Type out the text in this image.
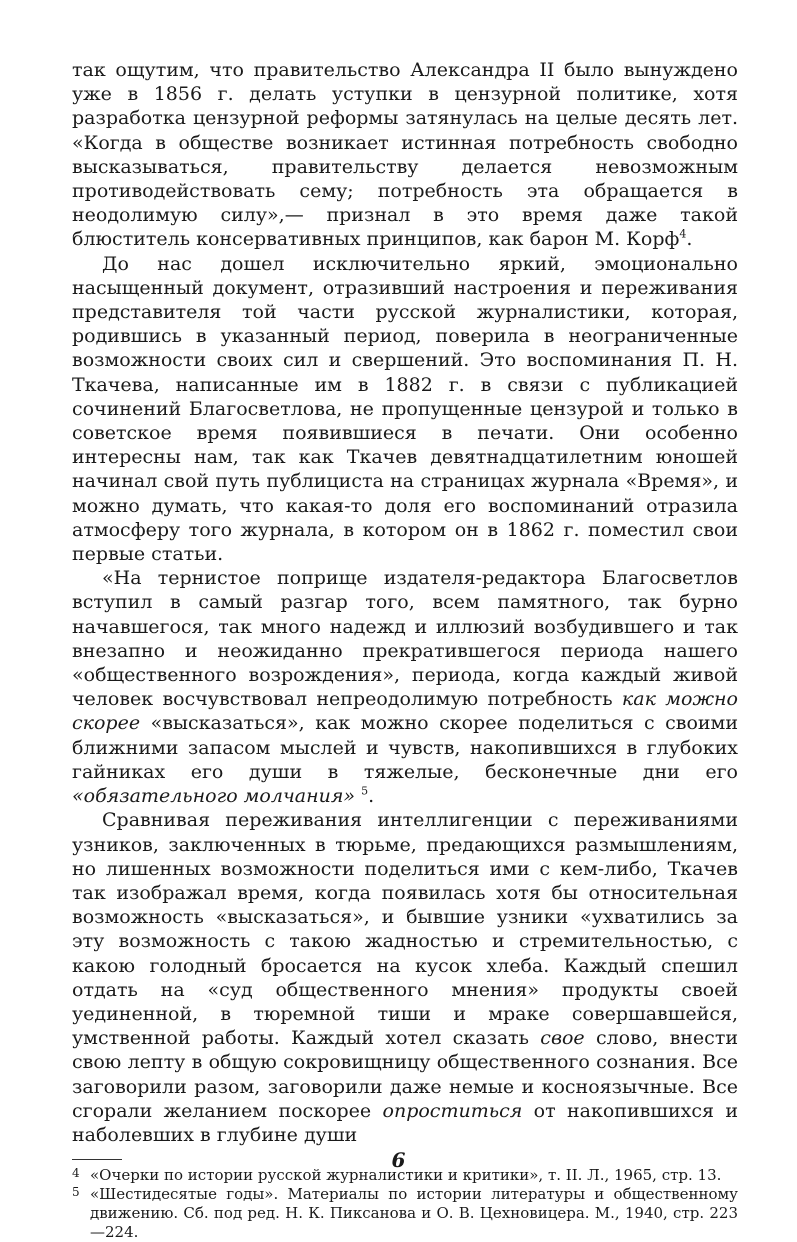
так ощутим, что правительство Александра II было вынуждено уже в 1856 г. делать уступки в цензурной политике, хотя разработка цензурной реформы затянулась на целые десять лет. «Когда в обществе возникает истинная потребность свободно высказываться, правительству делается невозможным противодействовать сему; потребность эта обращается в неодолимую силу»,— признал в это время даже такой блюститель консервативных принципов, как барон М. Корф$^4$.

До нас дошел исключительно яркий, эмоционально насыщенный документ, отразивший настроения и переживания представителя той части русской журналистики, которая, родившись в указанный период, поверила в неограниченные возможности своих сил и свершений. Это воспоминания П. Н. Ткачева, написанные им в 1882 г. в связи с публикацией сочинений Благосветлова, не пропущенные цензурой и только в советское время появившиеся в печати. Они особенно интересны нам, так как Ткачев девятнадцатилетним юношей начинал свой путь публициста на страницах журнала «Время», и можно думать, что какая-то доля его воспоминаний отразила атмосферу того журнала, в котором он в 1862 г. поместил свои первые статьи.

«На тернистое поприще издателя-редактора Благосветлов вступил в самый разгар того, всем памятного, так бурно начавшегося, так много надежд и иллюзий возбудившего и так внезапно и неожиданно прекратившегося периода нашего «общественного возрождения», периода, когда каждый живой человек восчувствовал непреодолимую потребность как можно скорее «высказаться», как можно скорее поделиться с своими ближними запасом мыслей и чувств, накопившихся в глубоких гайниках его души в тяжелые, бесконечные дни его «обязательного молчания» $^5$.

Сравнивая переживания интеллигенции с переживаниями узников, заключенных в тюрьме, предающихся размышлениям, но лишенных возможности поделиться ими с кем-либо, Ткачев так изображал время, когда появилась хотя бы относительная возможность «высказаться», и бывшие узники «ухватились за эту возможность с такою жадностью и стремительностью, с какою голодный бросается на кусок хлеба. Каждый спешил отдать на «суд общественного мнения» продукты своей уединенной, в тюремной тиши и мраке совершавшейся, умственной работы. Каждый хотел сказать свое слово, внести свою лепту в общую сокровищницу общественного сознания. Все заговорили разом, заговорили даже немые и косноязычные. Все сгорали желанием поскорее опроститься от накопившихся и наболевших в глубине души

4 «Очерки по истории русской журналистики и критики», т. II. Л., 1965, стр. 13.

5 «Шестидесятые годы». Материалы по истории литературы и общественному движению. Сб. под ред. Н. К. Пиксанова и О. В. Цехновицера. М., 1940, стр. 223—224.

6
